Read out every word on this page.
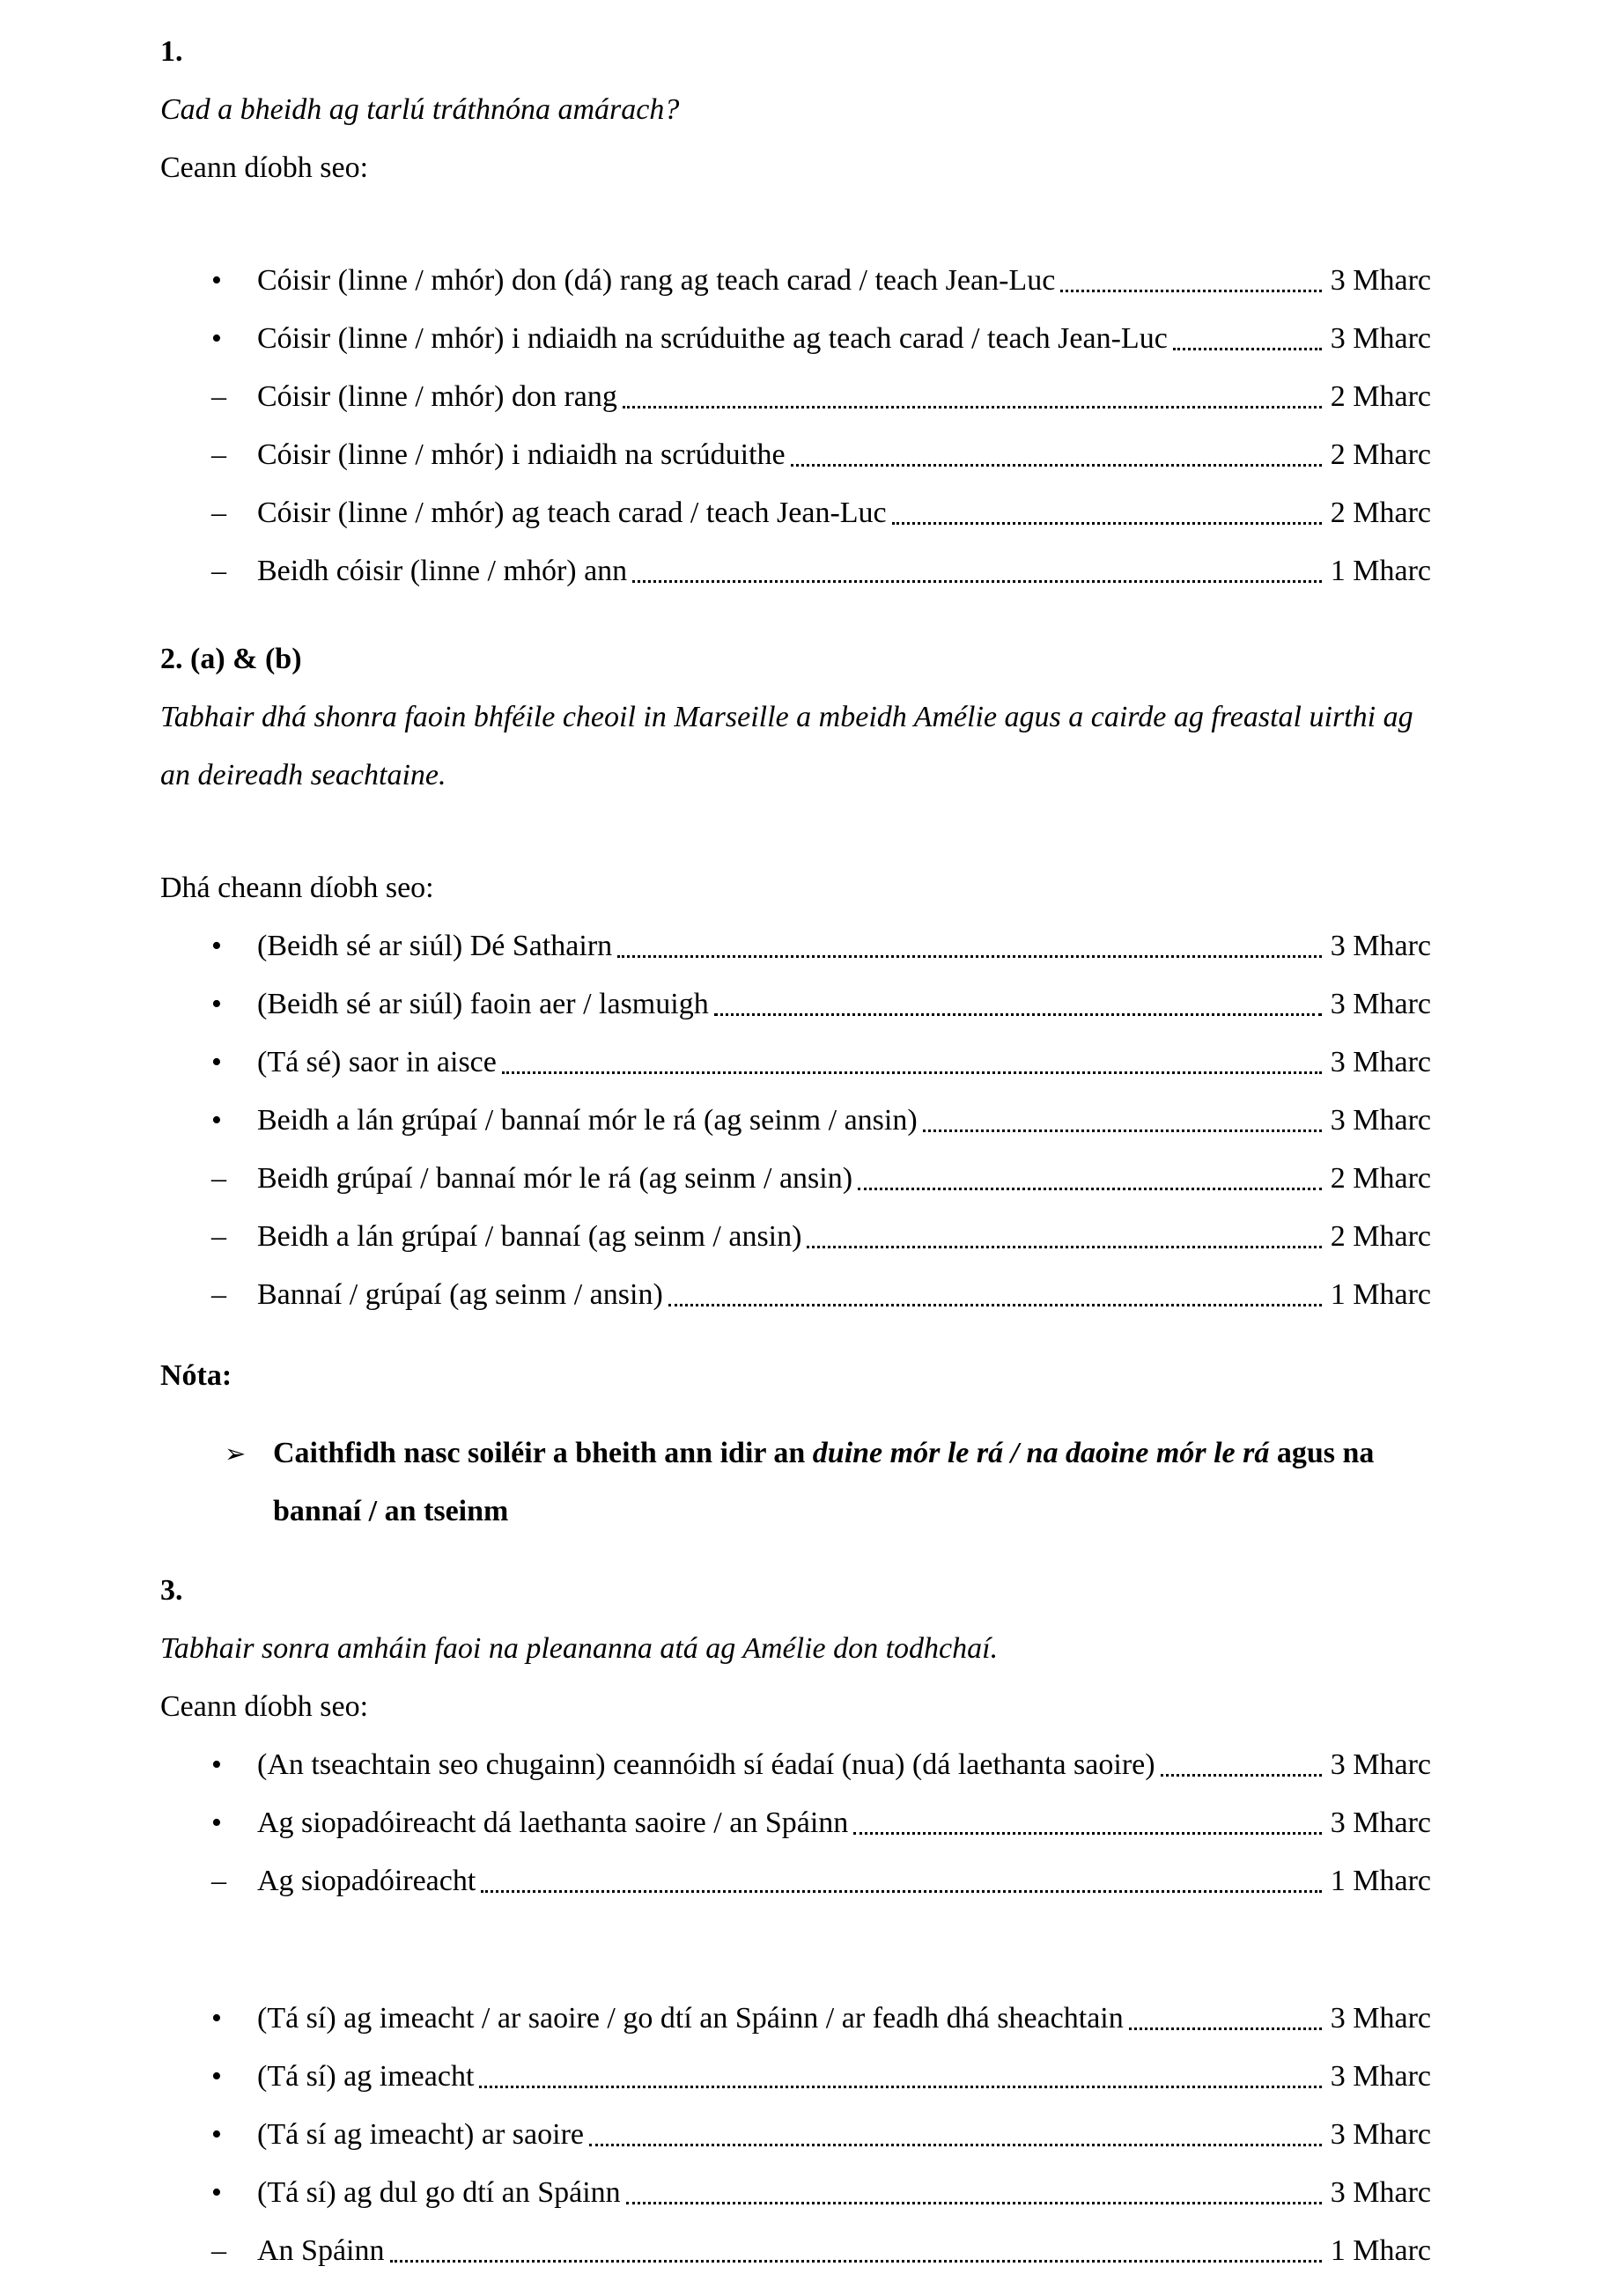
1.
Cad a bheidh ag tarlú tráthnóna amárach?
Ceann díobh seo:
•	Cóisir (linne / mhór) don (dá) rang ag teach carad / teach Jean-Luc	3 Mharc
•	Cóisir (linne / mhór) i ndiaidh na scrúduithe ag teach carad / teach Jean-Luc	3 Mharc
–	Cóisir (linne / mhór) don rang	2 Mharc
–	Cóisir (linne / mhór) i ndiaidh na scrúduithe	2 Mharc
–	Cóisir (linne / mhór) ag teach carad / teach Jean-Luc	2 Mharc
–	Beidh cóisir (linne / mhór) ann	1 Mharc
2. (a) & (b)
Tabhair dhá shonra faoin bhféile cheoil in Marseille a mbeidh Amélie agus a cairde ag freastal uirthi ag an deireadh seachtaine.
Dhá cheann díobh seo:
•	(Beidh sé ar siúl) Dé Sathairn	3 Mharc
•	(Beidh sé ar siúl) faoin aer / lasmuigh	3 Mharc
•	(Tá sé) saor in aisce	3 Mharc
•	Beidh a lán grúpaí / bannaí mór le rá (ag seinm / ansin)	3 Mharc
–	Beidh grúpaí / bannaí mór le rá (ag seinm / ansin)	2 Mharc
–	Beidh a lán grúpaí / bannaí (ag seinm / ansin)	2 Mharc
–	Bannaí / grúpaí (ag seinm / ansin)	1 Mharc
Nóta:
➢ Caithfidh nasc soiléir a bheith ann idir an duine mór le rá / na daoine mór le rá agus na bannaí / an tseinm
3.
Tabhair sonra amháin faoi na pleananna atá ag Amélie don todhchaí.
Ceann díobh seo:
•	(An tseachtain seo chugainn) ceannóidh sí éadaí (nua) (dá laethanta saoire)	3 Mharc
•	Ag siopadóireacht dá laethanta saoire / an Spáinn	3 Mharc
–	Ag siopadóireacht	1 Mharc
•	(Tá sí) ag imeacht / ar saoire / go dtí an Spáinn / ar feadh dhá sheachtain	3 Mharc
•	(Tá sí) ag imeacht	3 Mharc
•	(Tá sí ag imeacht) ar saoire	3 Mharc
•	(Tá sí) ag dul go dtí an Spáinn	3 Mharc
–	An Spáinn	1 Mharc
